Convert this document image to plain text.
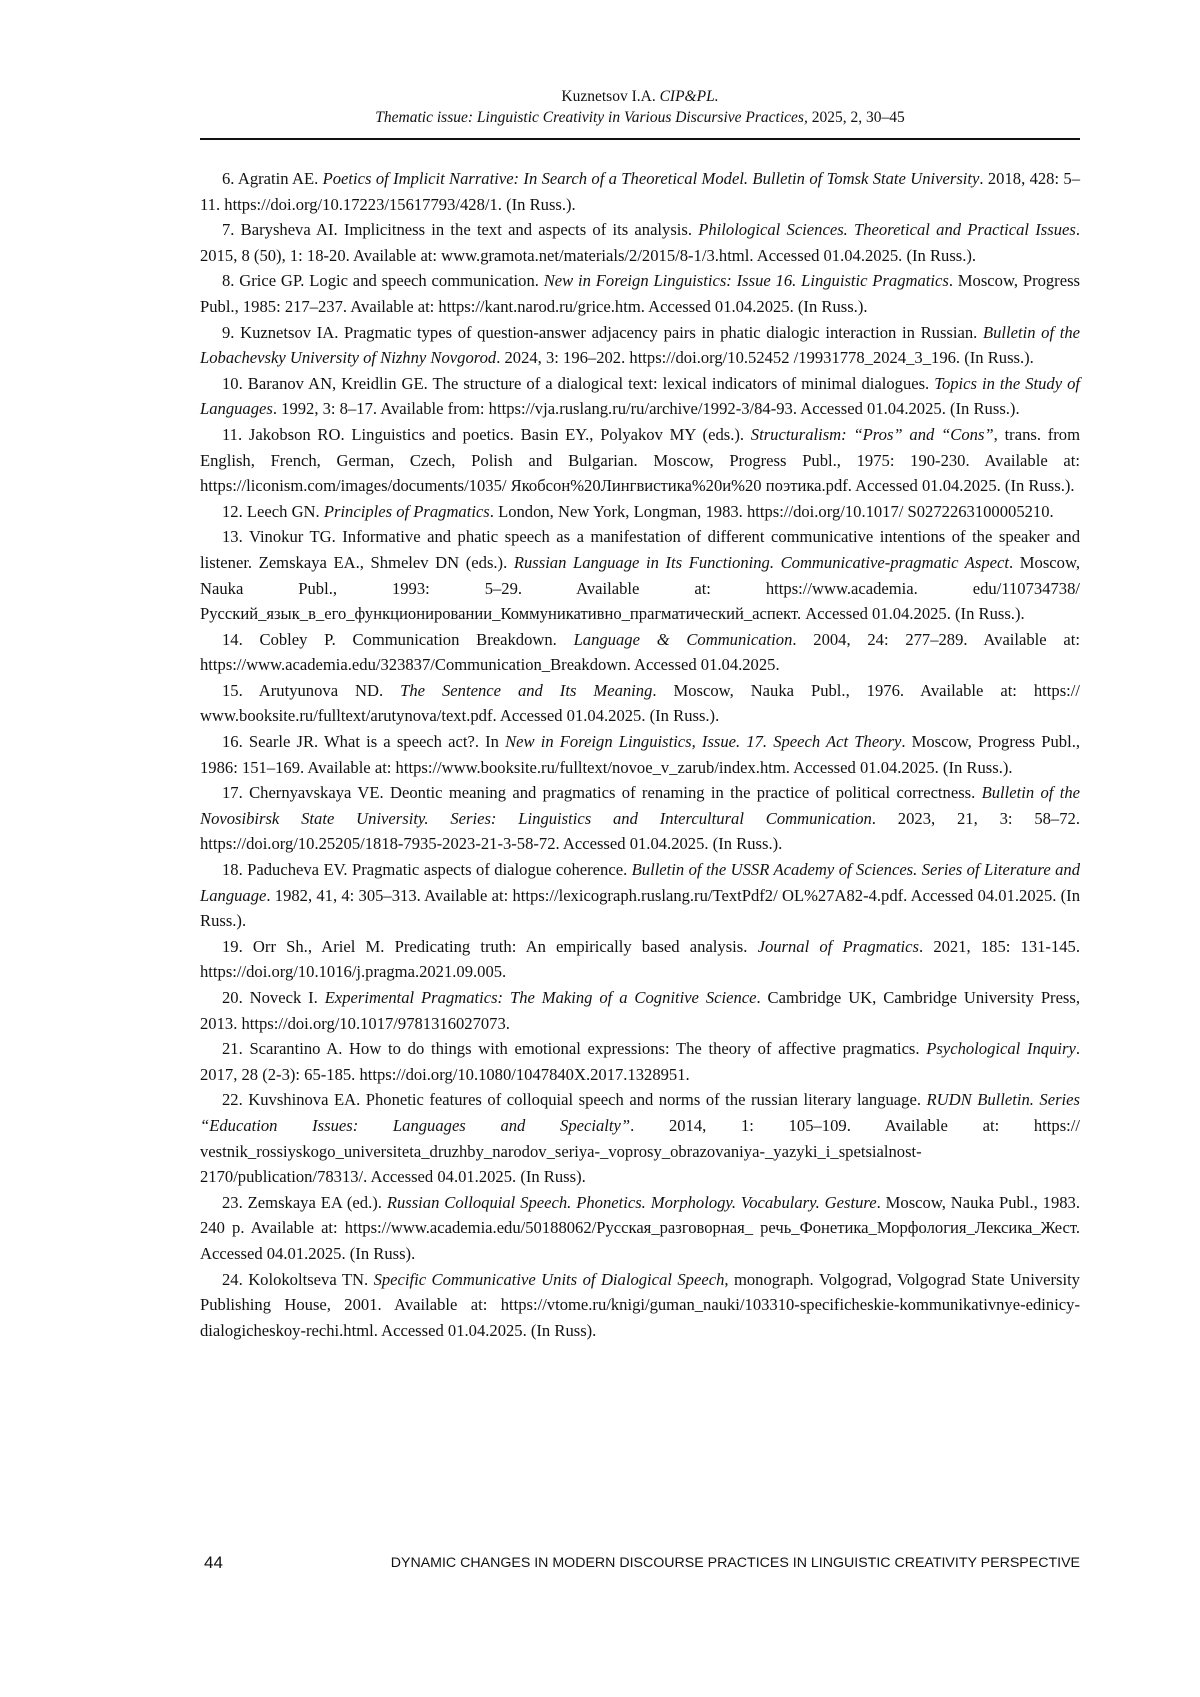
Kuznetsov I.A. CIP&PL.
Thematic issue: Linguistic Creativity in Various Discursive Practices, 2025, 2, 30–45

6. Agratin AE. Poetics of Implicit Narrative: In Search of a Theoretical Model. Bulletin of Tomsk State University. 2018, 428: 5–11. https://doi.org/10.17223/15617793/428/1. (In Russ.).

7. Barysheva AI. Implicitness in the text and aspects of its analysis. Philological Sciences. Theoretical and Practical Issues. 2015, 8 (50), 1: 18-20. Available at: www.gramota.net/materials/2/2015/8-1/3.html. Accessed 01.04.2025. (In Russ.).

8. Grice GP. Logic and speech communication. New in Foreign Linguistics: Issue 16. Linguistic Pragmatics. Moscow, Progress Publ., 1985: 217–237. Available at: https://kant.narod.ru/grice.htm. Accessed 01.04.2025. (In Russ.).

9. Kuznetsov IA. Pragmatic types of question-answer adjacency pairs in phatic dialogic interaction in Russian. Bulletin of the Lobachevsky University of Nizhny Novgorod. 2024, 3: 196–202. https://doi.org/10.52452 /19931778_2024_3_196. (In Russ.).

10. Baranov AN, Kreidlin GE. The structure of a dialogical text: lexical indicators of minimal dialogues. Topics in the Study of Languages. 1992, 3: 8–17. Available from: https://vja.ruslang.ru/ru/archive/1992-3/84-93. Accessed 01.04.2025. (In Russ.).

11. Jakobson RO. Linguistics and poetics. Basin EY., Polyakov MY (eds.). Structuralism: “Pros” and “Cons”, trans. from English, French, German, Czech, Polish and Bulgarian. Moscow, Progress Publ., 1975: 190-230. Available at: https://liconism.com/images/documents/1035/ Якобсон%20Лингвистика%20и%20 поэтика.pdf. Accessed 01.04.2025. (In Russ.).

12. Leech GN. Principles of Pragmatics. London, New York, Longman, 1983. https://doi.org/10.1017/ S0272263100005210.

13. Vinokur TG. Informative and phatic speech as a manifestation of different communicative intentions of the speaker and listener. Zemskaya EA., Shmelev DN (eds.). Russian Language in Its Functioning. Communicative-pragmatic Aspect. Moscow, Nauka Publ., 1993: 5–29. Available at: https://www.academia. edu/110734738/Русский_язык_в_его_функционировании_Коммуникативно_прагматический_аспект. Accessed 01.04.2025. (In Russ.).

14. Cobley P. Communication Breakdown. Language & Communication. 2004, 24: 277–289. Available at: https://www.academia.edu/323837/Communication_Breakdown. Accessed 01.04.2025.

15. Arutyunova ND. The Sentence and Its Meaning. Moscow, Nauka Publ., 1976. Available at: https:// www.booksite.ru/fulltext/arutynova/text.pdf. Accessed 01.04.2025. (In Russ.).

16. Searle JR. What is a speech act?. In New in Foreign Linguistics, Issue. 17. Speech Act Theory. Moscow, Progress Publ., 1986: 151–169. Available at: https://www.booksite.ru/fulltext/novoe_v_zarub/index.htm. Accessed 01.04.2025. (In Russ.).

17. Chernyavskaya VE. Deontic meaning and pragmatics of renaming in the practice of political correctness. Bulletin of the Novosibirsk State University. Series: Linguistics and Intercultural Communication. 2023, 21, 3: 58–72. https://doi.org/10.25205/1818-7935-2023-21-3-58-72. Accessed 01.04.2025. (In Russ.).

18. Paducheva EV. Pragmatic aspects of dialogue coherence. Bulletin of the USSR Academy of Sciences. Series of Literature and Language. 1982, 41, 4: 305–313. Available at: https://lexicograph.ruslang.ru/TextPdf2/ OL%27A82-4.pdf. Accessed 04.01.2025. (In Russ.).

19. Orr Sh., Ariel M. Predicating truth: An empirically based analysis. Journal of Pragmatics. 2021, 185: 131-145. https://doi.org/10.1016/j.pragma.2021.09.005.

20. Noveck I. Experimental Pragmatics: The Making of a Cognitive Science. Cambridge UK, Cambridge University Press, 2013. https://doi.org/10.1017/9781316027073.

21. Scarantino A. How to do things with emotional expressions: The theory of affective pragmatics. Psychological Inquiry. 2017, 28 (2-3): 65-185. https://doi.org/10.1080/1047840X.2017.1328951.

22. Kuvshinova EA. Phonetic features of colloquial speech and norms of the russian literary language. RUDN Bulletin. Series “Education Issues: Languages and Specialty”. 2014, 1: 105–109. Available at: https:// vestnik_rossiyskogo_universiteta_druzhby_narodov_seriya-_voprosy_obrazovaniya-_yazyki_i_spetsialnost-2170/publication/78313/. Accessed 04.01.2025. (In Russ).

23. Zemskaya EA (ed.). Russian Colloquial Speech. Phonetics. Morphology. Vocabulary. Gesture. Moscow, Nauka Publ., 1983. 240 p. Available at: https://www.academia.edu/50188062/Русская_разговорная_ речь_Фонетика_Морфология_Лексика_Жест. Accessed 04.01.2025. (In Russ).

24. Kolokoltseva TN. Specific Communicative Units of Dialogical Speech, monograph. Volgograd, Volgograd State University Publishing House, 2001. Available at: https://vtome.ru/knigi/guman_nauki/103310-specificheskie-kommunikativnye-edinicy-dialogicheskoy-rechi.html. Accessed 01.04.2025. (In Russ).

44	DYNAMIC CHANGES IN MODERN DISCOURSE PRACTICES IN LINGUISTIC CREATIVITY PERSPECTIVE
